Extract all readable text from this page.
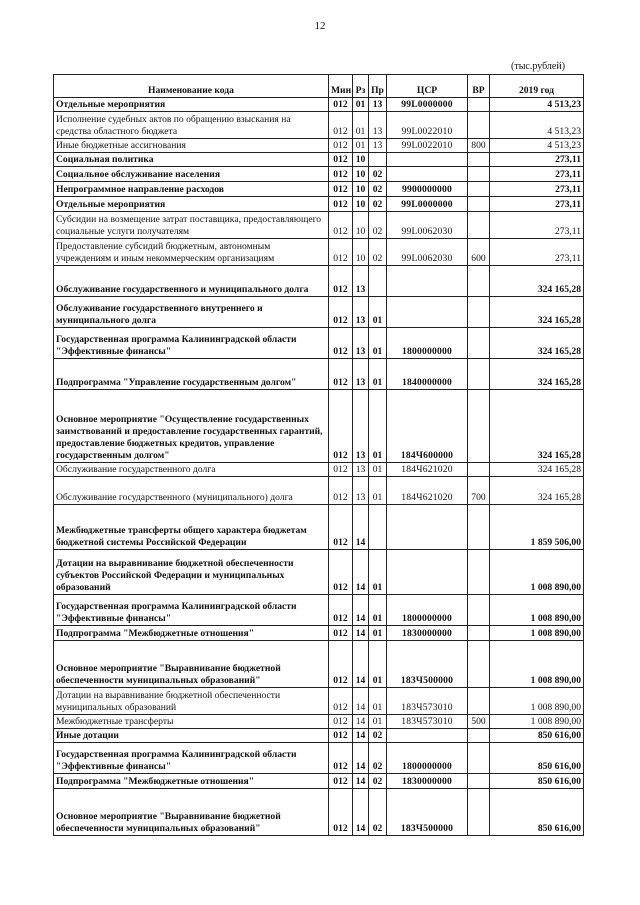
12
(тыс.рублей)
Наименование кода	Мин	Рз	Пр	ЦСР	ВР	2019 год
Отдельные мероприятия	012	01	13	99L0000000		4 513,23
Исполнение судебных актов по обращению взыскания на средства областного бюджета	012	01	13	99L0022010		4 513,23
Иные бюджетные ассигнования	012	01	13	99L0022010	800	4 513,23
Социальная политика	012	10				273,11
Социальное обслуживание населения	012	10	02			273,11
Непрограммное направление расходов	012	10	02	9900000000		273,11
Отдельные мероприятия	012	10	02	99L0000000		273,11
Субсидии на возмещение затрат поставщика, предоставляющего социальные услуги получателям	012	10	02	99L0062030		273,11
Предоставление субсидий бюджетным, автономным учреждениям и иным некоммерческим организациям	012	10	02	99L0062030	600	273,11
Обслуживание государственного и муниципального долга	012	13				324 165,28
Обслуживание государственного внутреннего и муниципального долга	012	13	01			324 165,28
Государственная программа Калининградской области "Эффективные финансы"	012	13	01	1800000000		324 165,28
Подпрограмма "Управление государственным долгом"	012	13	01	1840000000		324 165,28
Основное мероприятие "Осуществление государственных заимствований и предоставление государственных гарантий, предоставление бюджетных кредитов, управление государственным долгом"	012	13	01	184Ч600000		324 165,28
Обслуживание государственного долга	012	13	01	184Ч621020		324 165,28
Обслуживание государственного (муниципального) долга	012	13	01	184Ч621020	700	324 165,28
Межбюджетные трансферты общего характера бюджетам бюджетной системы Российской Федерации	012	14				1 859 506,00
Дотации на выравнивание бюджетной обеспеченности субъектов Российской Федерации и муниципальных образований	012	14	01			1 008 890,00
Государственная программа Калининградской области "Эффективные финансы"	012	14	01	1800000000		1 008 890,00
Подпрограмма "Межбюджетные отношения"	012	14	01	1830000000		1 008 890,00
Основное мероприятие "Выравнивание бюджетной обеспеченности муниципальных образований"	012	14	01	183Ч500000		1 008 890,00
Дотации на выравнивание бюджетной обеспеченности муниципальных образований	012	14	01	183Ч573010		1 008 890,00
Межбюджетные трансферты	012	14	01	183Ч573010	500	1 008 890,00
Иные дотации	012	14	02			850 616,00
Государственная программа Калининградской области "Эффективные финансы"	012	14	02	1800000000		850 616,00
Подпрограмма "Межбюджетные отношения"	012	14	02	1830000000		850 616,00
Основное мероприятие "Выравнивание бюджетной обеспеченности муниципальных образований"	012	14	02	183Ч500000		850 616,00
